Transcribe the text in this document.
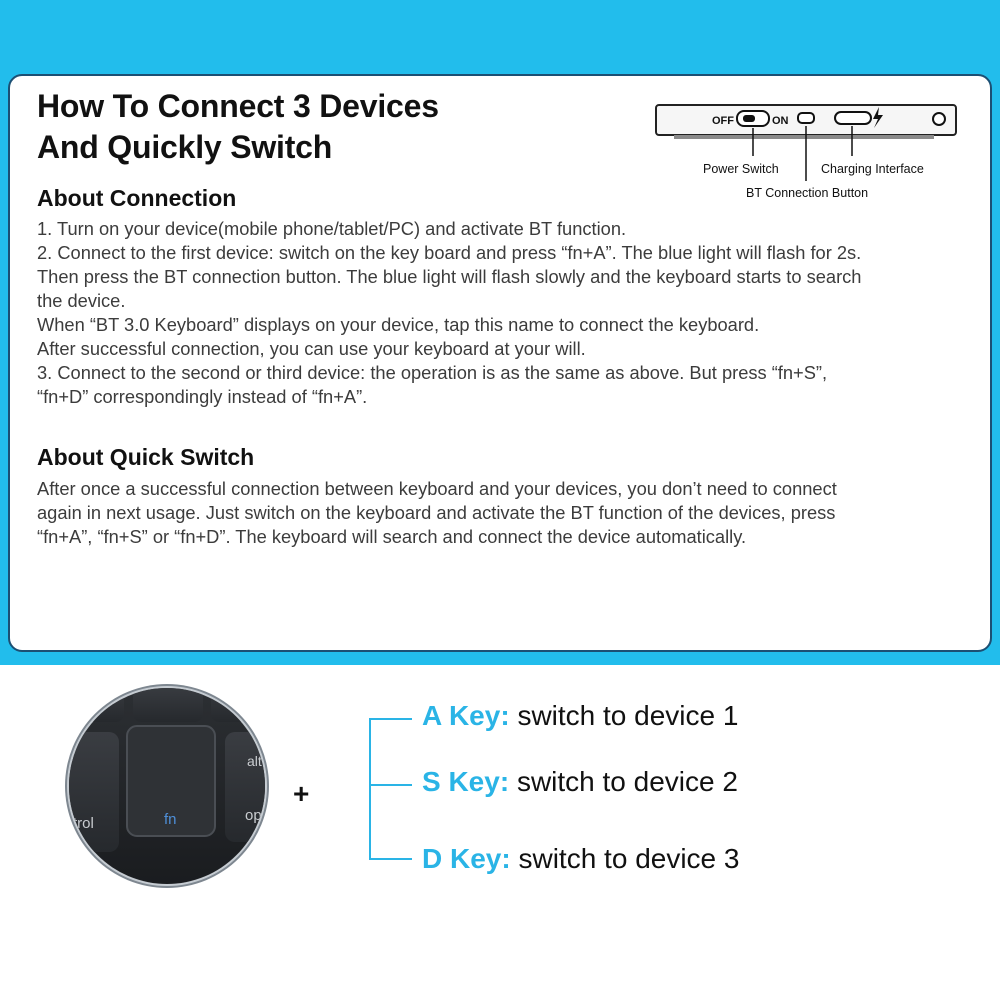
How To Connect 3 Devices
And Quickly Switch
OFF	ON
Power Switch	Charging Interface
BT Connection Button
About Connection
1. Turn on your device(mobile phone/tablet/PC) and activate BT function.
2. Connect to the first device: switch on the key board and press “fn+A”. The blue light will flash for 2s.
Then press the BT connection button. The blue light will flash slowly and the keyboard starts to search
the device.
When “BT 3.0 Keyboard” displays on your device, tap this name to connect the keyboard.
After successful connection, you can use your keyboard at your will.
3. Connect to the second or third device: the operation is as the same as above. But press “fn+S”,
“fn+D” correspondingly instead of “fn+A”.
About Quick Switch
After once a successful connection between keyboard and your devices, you don’t need to connect
again in next usage. Just switch on the keyboard and activate the BT function of the devices, press
“fn+A”, “fn+S” or “fn+D”. The keyboard will search and connect the device automatically.
alt
fn
trol	op
+
A Key: switch to device 1
S Key: switch to device 2
D Key: switch to device 3
